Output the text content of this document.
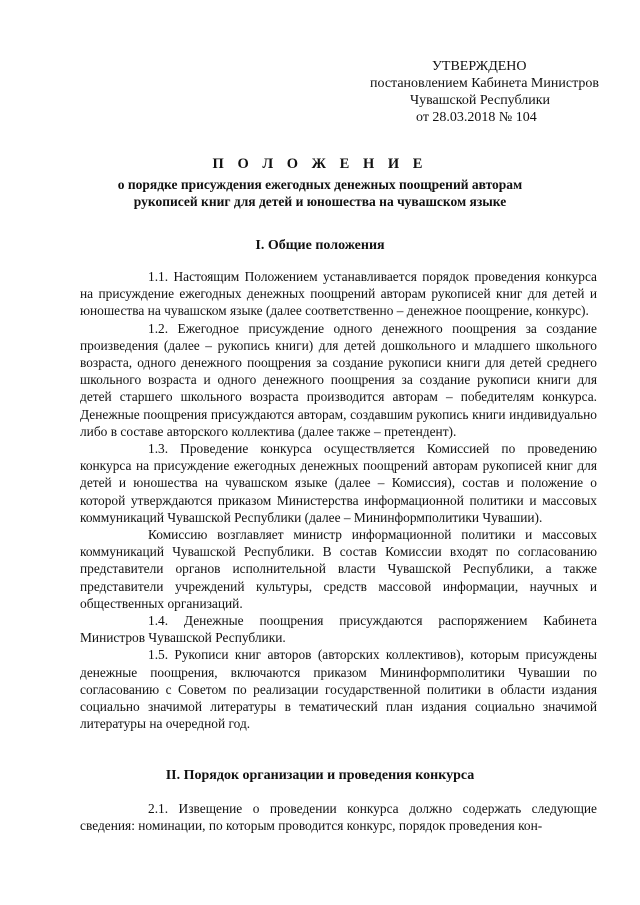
УТВЕРЖДЕНО
постановлением Кабинета Министров
Чувашской Республики
от 28.03.2018 № 104
П О Л О Ж Е Н И Е
о порядке присуждения ежегодных денежных поощрений авторам
рукописей книг для детей и юношества на чувашском языке
I. Общие положения

1.1. Настоящим Положением устанавливается порядок проведения конкурса на присуждение ежегодных денежных поощрений авторам рукописей книг для детей и юношества на чувашском языке (далее соответственно – денежное поощрение, конкурс).

1.2. Ежегодное присуждение одного денежного поощрения за создание произведения (далее – рукопись книги) для детей дошкольного и младшего школьного возраста, одного денежного поощрения за создание рукописи книги для детей среднего школьного возраста и одного денежного поощрения за создание рукописи книги для детей старшего школьного возраста производится авторам – победителям конкурса. Денежные поощрения присуждаются авторам, создавшим рукопись книги индивидуально либо в составе авторского коллектива (далее также – претендент).

1.3. Проведение конкурса осуществляется Комиссией по проведению конкурса на присуждение ежегодных денежных поощрений авторам рукописей книг для детей и юношества на чувашском языке (далее – Комиссия), состав и положение о которой утверждаются приказом Министерства информационной политики и массовых коммуникаций Чувашской Республики (далее – Мининформполитики Чувашии).

Комиссию возглавляет министр информационной политики и массовых коммуникаций Чувашской Республики. В состав Комиссии входят по согласованию представители органов исполнительной власти Чувашской Республики, а также представители учреждений культуры, средств массовой информации, научных и общественных организаций.

1.4. Денежные поощрения присуждаются распоряжением Кабинета Министров Чувашской Республики.

1.5. Рукописи книг авторов (авторских коллективов), которым присуждены денежные поощрения, включаются приказом Мининформполитики Чувашии по согласованию с Советом по реализации государственной политики в области издания социально значимой литературы в тематический план издания социально значимой литературы на очередной год.

II. Порядок организации и проведения конкурса

2.1. Извещение о проведении конкурса должно содержать следующие сведения: номинации, по которым проводится конкурс, порядок проведения кон-
